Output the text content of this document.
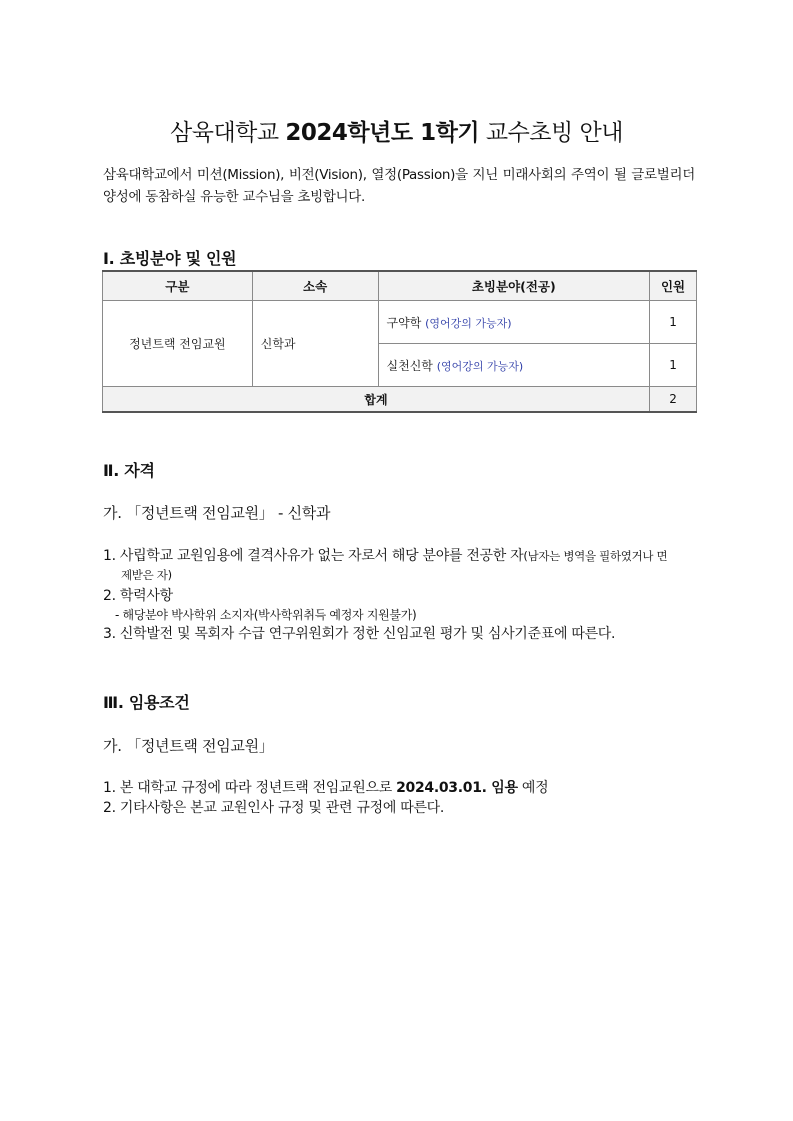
삼육대학교 2024학년도 1학기 교수초빙 안내
삼육대학교에서 미션(Mission), 비전(Vision), 열정(Passion)을 지닌 미래사회의 주역이 될 글로벌리더 양성에 동참하실 유능한 교수님을 초빙합니다.
Ⅰ. 초빙분야 및 인원
구분	소속	초빙분야(전공)	인원
정년트랙 전임교원	신학과	구약학 (영어강의 가능자)	1
		실천신학 (영어강의 가능자)	1
합계			2
Ⅱ. 자격
가. 「정년트랙 전임교원」 - 신학과
1. 사립학교 교원임용에 결격사유가 없는 자로서 해당 분야를 전공한 자(남자는 병역을 필하였거나 면
제받은 자)
2. 학력사항
- 해당분야 박사학위 소지자(박사학위취득 예정자 지원불가)
3. 신학발전 및 목회자 수급 연구위원회가 정한 신임교원 평가 및 심사기준표에 따른다.
Ⅲ. 임용조건
가. 「정년트랙 전임교원」
1. 본 대학교 규정에 따라 정년트랙 전임교원으로 2024.03.01. 임용 예정
2. 기타사항은 본교 교원인사 규정 및 관련 규정에 따른다.
